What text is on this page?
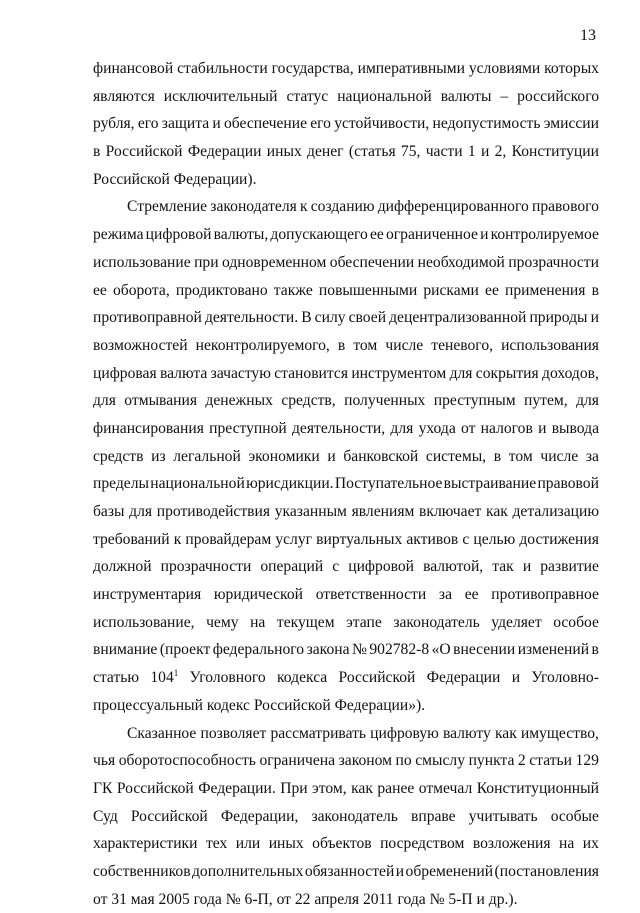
13
финансовой стабильности государства, императивными условиями которых
являются исключительный статус национальной валюты – российского
рубля, его защита и обеспечение его устойчивости, недопустимость эмиссии
в Российской Федерации иных денег (статья 75, части 1 и 2, Конституции
Российской Федерации).
Стремление законодателя к созданию дифференцированного правового
режима цифровой валюты, допускающего ее ограниченное и контролируемое
использование при одновременном обеспечении необходимой прозрачности
ее оборота, продиктовано также повышенными рисками ее применения в
противоправной деятельности. В силу своей децентрализованной природы и
возможностей неконтролируемого, в том числе теневого, использования
цифровая валюта зачастую становится инструментом для сокрытия доходов,
для отмывания денежных средств, полученных преступным путем, для
финансирования преступной деятельности, для ухода от налогов и вывода
средств из легальной экономики и банковской системы, в том числе за
пределы национальной юрисдикции. Поступательное выстраивание правовой
базы для противодействия указанным явлениям включает как детализацию
требований к провайдерам услуг виртуальных активов с целью достижения
должной прозрачности операций с цифровой валютой, так и развитие
инструментария юридической ответственности за ее противоправное
использование, чему на текущем этапе законодатель уделяет особое
внимание (проект федерального закона № 902782-8 «О внесении изменений в
статью $104^1$ Уголовного кодекса Российской Федерации и Уголовно-
процессуальный кодекс Российской Федерации»).
Сказанное позволяет рассматривать цифровую валюту как имущество,
чья оборотоспособность ограничена законом по смыслу пункта 2 статьи 129
ГК Российской Федерации. При этом, как ранее отмечал Конституционный
Суд Российской Федерации, законодатель вправе учитывать особые
характеристики тех или иных объектов посредством возложения на их
собственников дополнительных обязанностей и обременений (постановления
от 31 мая 2005 года № 6-П, от 22 апреля 2011 года № 5-П и др.).
